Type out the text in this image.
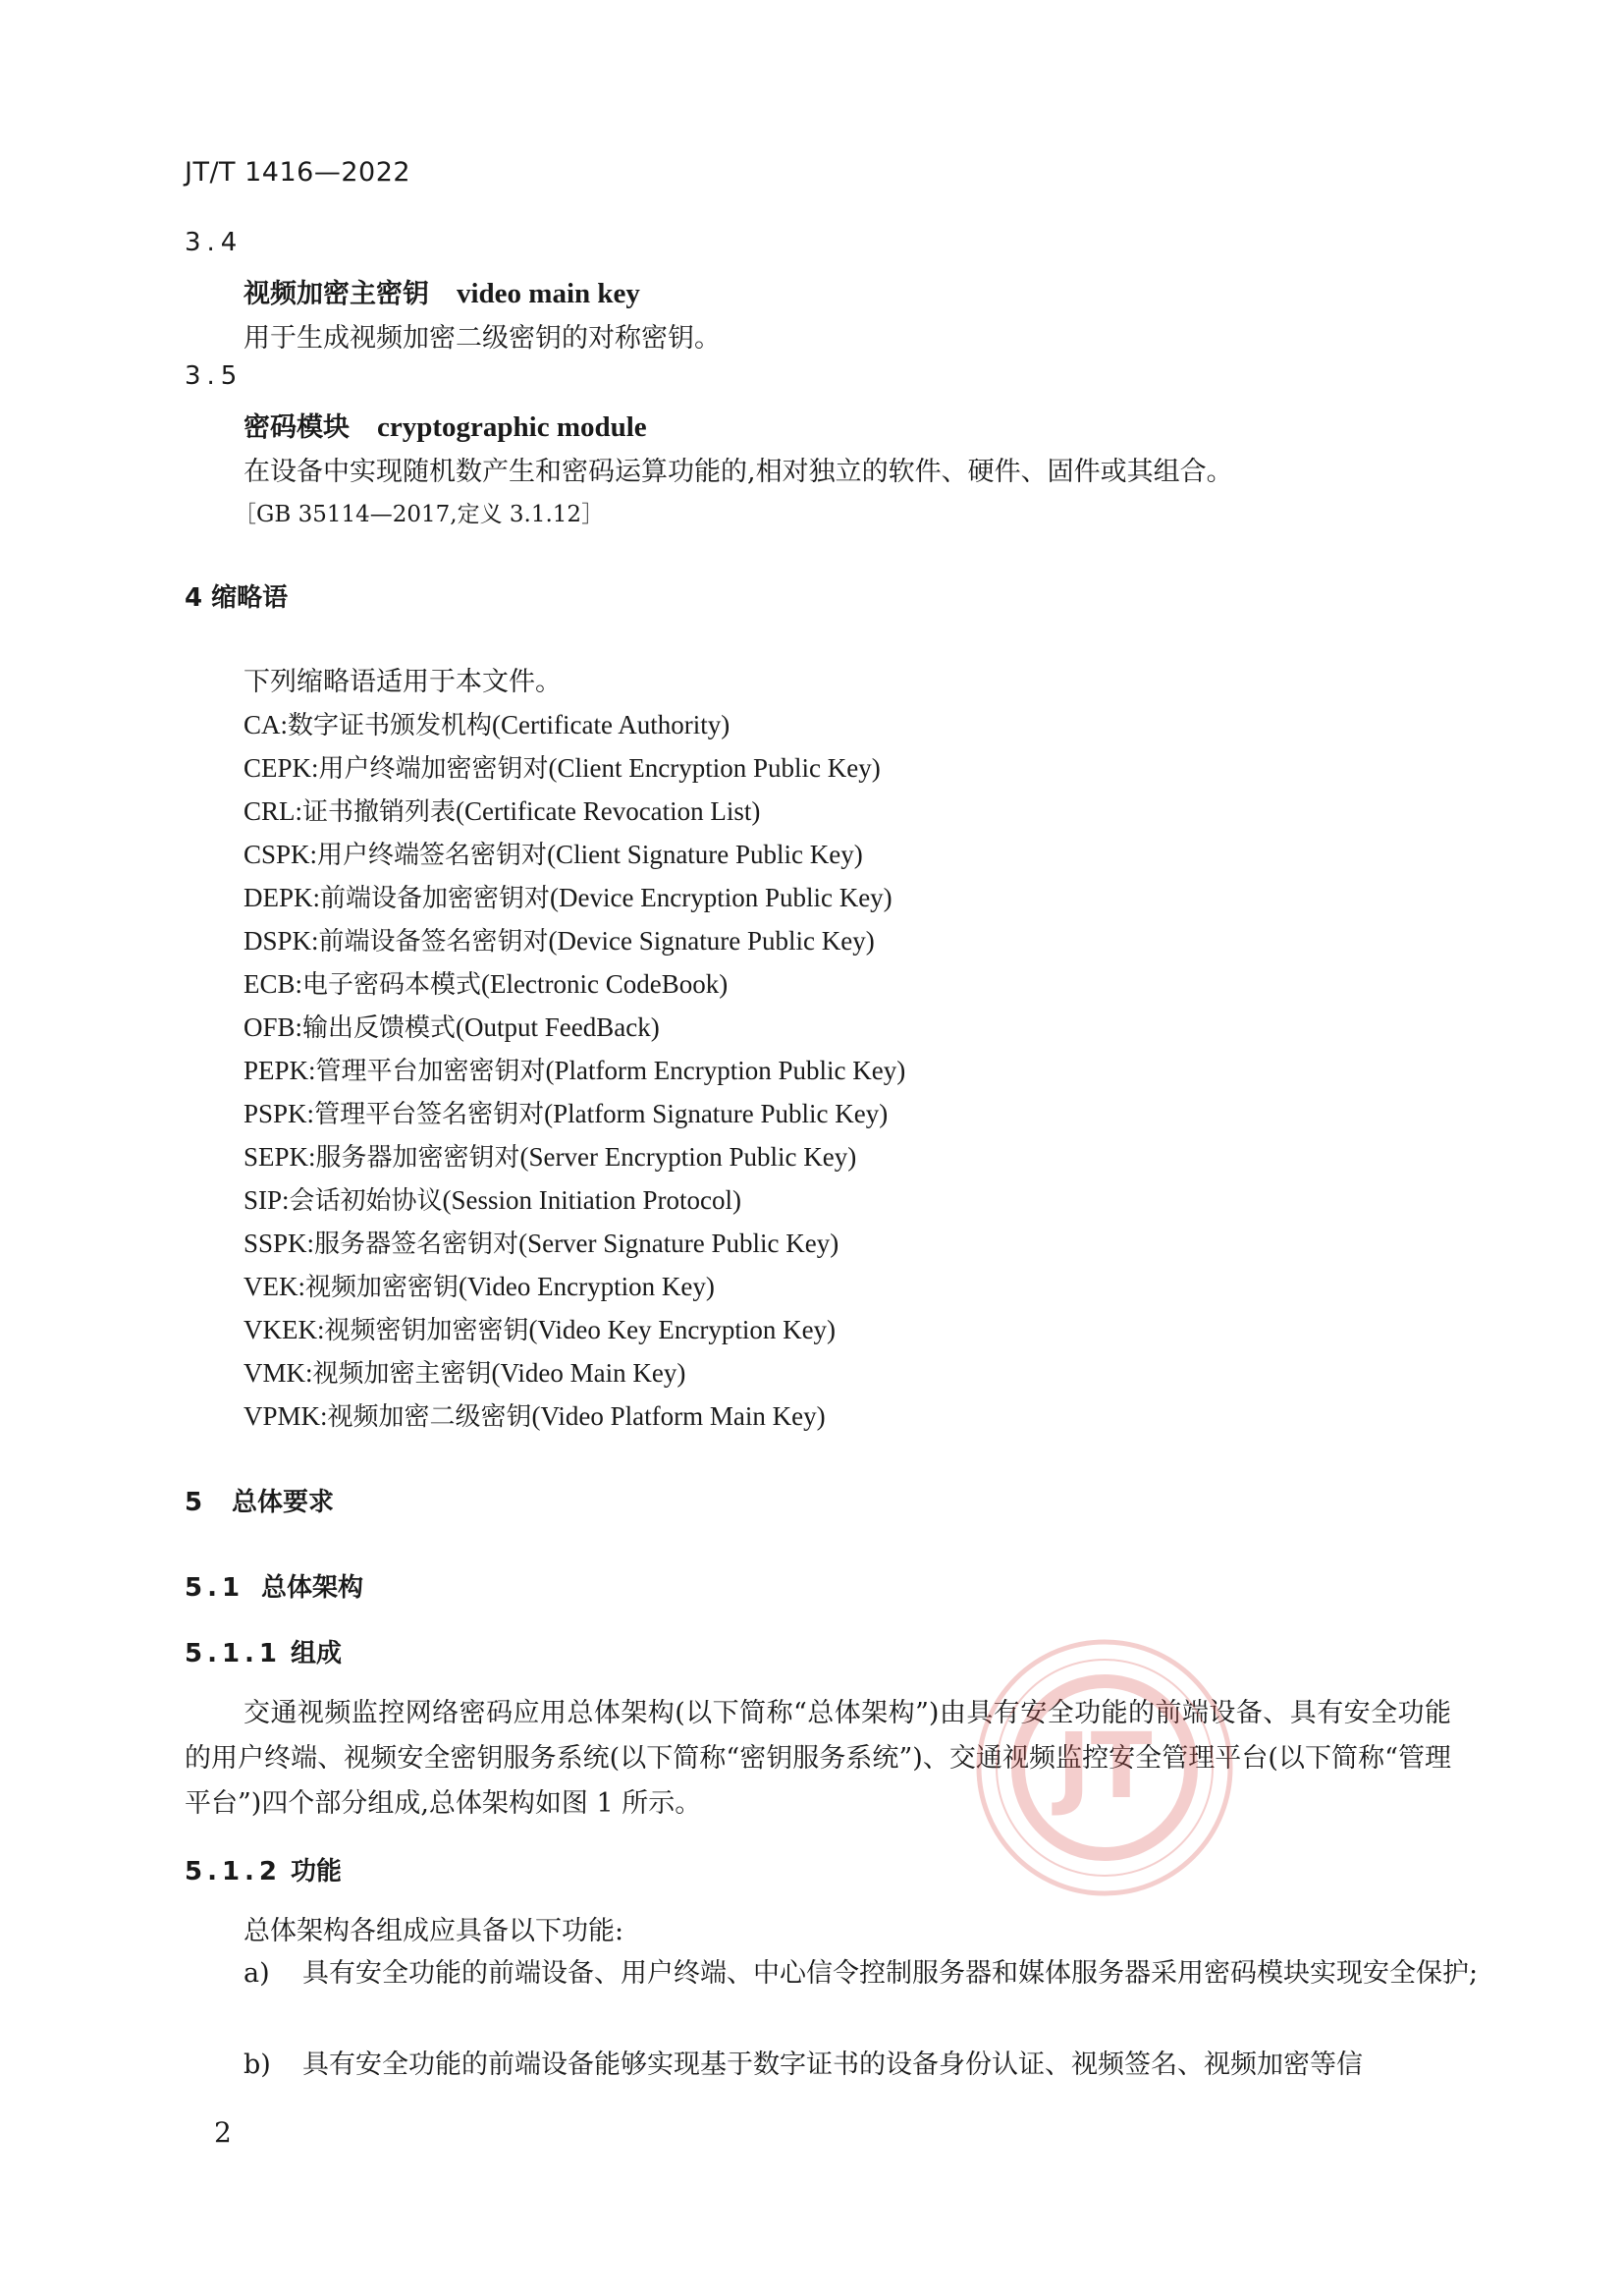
JT/T 1416—2022
3.4
视频加密主密钥 video main key
用于生成视频加密二级密钥的对称密钥。
3.5
密码模块 cryptographic module
在设备中实现随机数产生和密码运算功能的,相对独立的软件、硬件、固件或其组合。
［GB 35114—2017,定义 3.1.12］
4 缩略语
下列缩略语适用于本文件。
CA:数字证书颁发机构(Certificate Authority)
CEPK:用户终端加密密钥对(Client Encryption Public Key)
CRL:证书撤销列表(Certificate Revocation List)
CSPK:用户终端签名密钥对(Client Signature Public Key)
DEPK:前端设备加密密钥对(Device Encryption Public Key)
DSPK:前端设备签名密钥对(Device Signature Public Key)
ECB:电子密码本模式(Electronic CodeBook)
OFB:输出反馈模式(Output FeedBack)
PEPK:管理平台加密密钥对(Platform Encryption Public Key)
PSPK:管理平台签名密钥对(Platform Signature Public Key)
SEPK:服务器加密密钥对(Server Encryption Public Key)
SIP:会话初始协议(Session Initiation Protocol)
SSPK:服务器签名密钥对(Server Signature Public Key)
VEK:视频加密密钥(Video Encryption Key)
VKEK:视频密钥加密密钥(Video Key Encryption Key)
VMK:视频加密主密钥(Video Main Key)
VPMK:视频加密二级密钥(Video Platform Main Key)
5 总体要求
5.1 总体架构
5.1.1 组成
交通视频监控网络密码应用总体架构(以下简称“总体架构”)由具有安全功能的前端设备、具有安全功能的用户终端、视频安全密钥服务系统(以下简称“密钥服务系统”)、交通视频监控安全管理平台(以下简称“管理平台”)四个部分组成,总体架构如图 1 所示。
5.1.2 功能
总体架构各组成应具备以下功能:
a) 具有安全功能的前端设备、用户终端、中心信令控制服务器和媒体服务器采用密码模块实现安全保护;
b) 具有安全功能的前端设备能够实现基于数字证书的设备身份认证、视频签名、视频加密等信
2
JT
